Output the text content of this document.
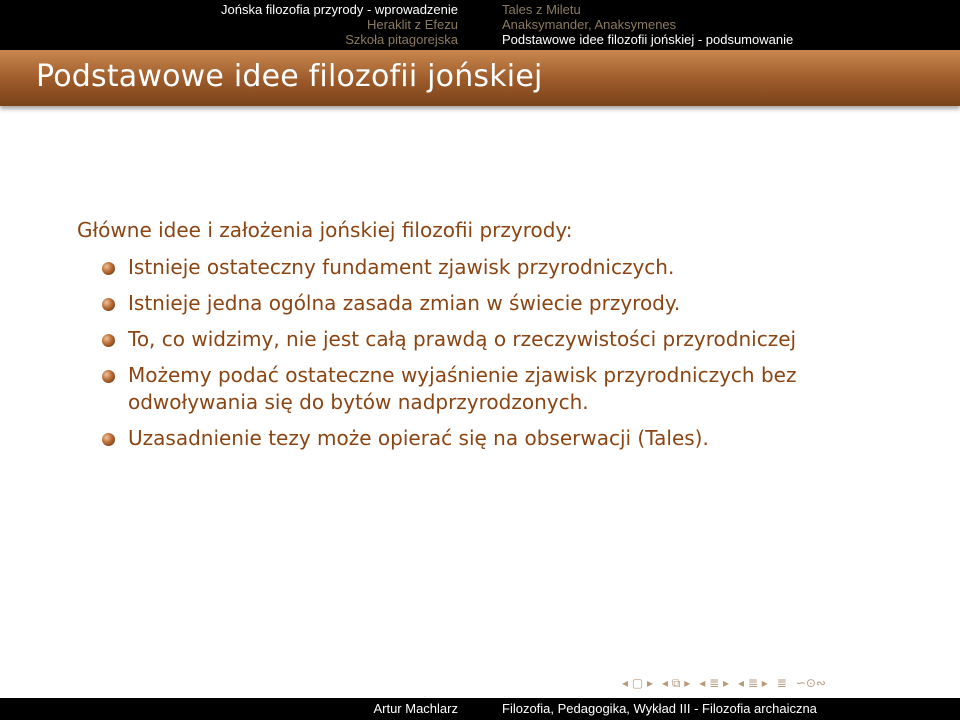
Jońska filozofia przyrody - wprowadzenie
Heraklit z Efezu
Szkoła pitagorejska
Tales z Miletu
Anaksymander, Anaksymenes
Podstawowe idee filozofii jońskiej - podsumowanie
Podstawowe idee filozofii jońskiej
Główne idee i założenia jońskiej filozofii przyrody:
Istnieje ostateczny fundament zjawisk przyrodniczych.
Istnieje jedna ogólna zasada zmian w świecie przyrody.
To, co widzimy, nie jest całą prawdą o rzeczywistości przyrodniczej
Możemy podać ostateczne wyjaśnienie zjawisk przyrodniczych bez odwoływania się do bytów nadprzyrodzonych.
Uzasadnienie tezy może opierać się na obserwacji (Tales).
◂ ▢ ▸ ◂ ⧉ ▸ ◂ ≣ ▸ ◂ ≣ ▸ ≣ ∽⊙∾
Artur Machlarz	Filozofia, Pedagogika, Wykład III - Filozofia archaiczna
